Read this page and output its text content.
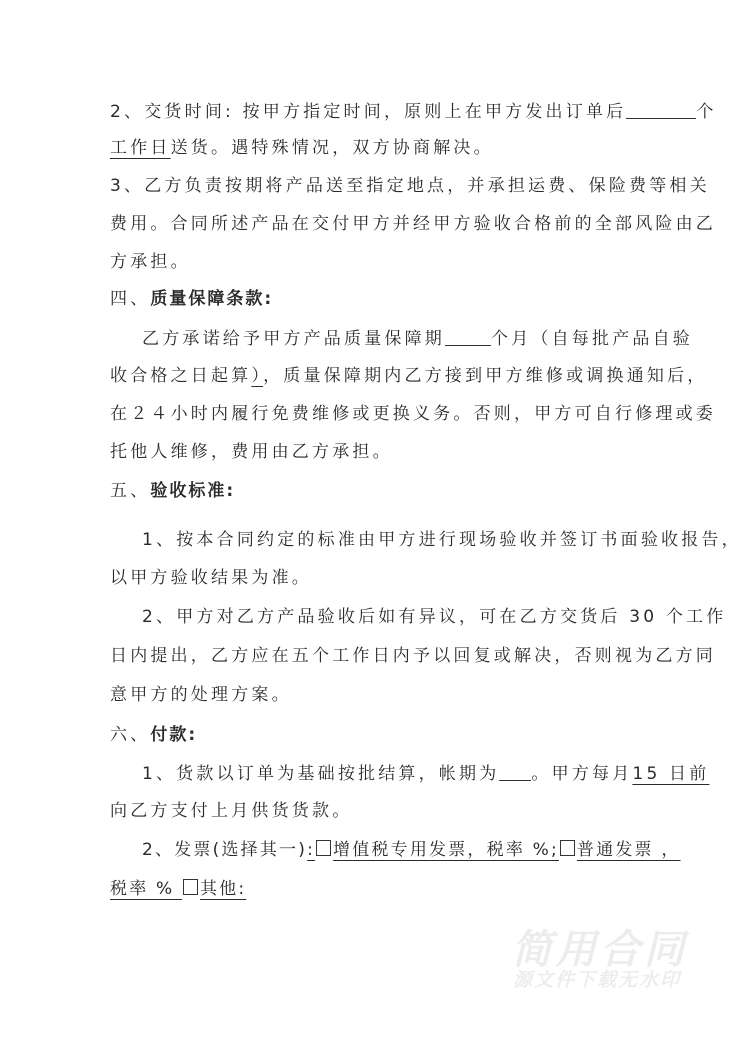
2、交货时间: 按甲方指定时间，原则上在甲方发出订单后	个
工作日送货。遇特殊情况，双方协商解决。
3、乙方负责按期将产品送至指定地点，并承担运费、保险费等相关
费用。合同所述产品在交付甲方并经甲方验收合格前的全部风险由乙
方承担。
四、质量保障条款:
乙方承诺给予甲方产品质量保障期	个月（自每批产品自验
收合格之日起算），质量保障期内乙方接到甲方维修或调换通知后，
在２４小时内履行免费维修或更换义务。否则，甲方可自行修理或委
托他人维修，费用由乙方承担。
五、验收标准:
1、按本合同约定的标准由甲方进行现场验收并签订书面验收报告，
以甲方验收结果为准。
2、甲方对乙方产品验收后如有异议，可在乙方交货后 30 个工作
日内提出，乙方应在五个工作日内予以回复或解决，否则视为乙方同
意甲方的处理方案。
六、付款:
1、货款以订单为基础按批结算，帐期为 。甲方每月15 日前
向乙方支付上月供货货款。
2、发票(选择其一): 增值税专用发票，税率 %; 普通发票 ，
税率 % 其他:
简用合同
源文件下载无水印
